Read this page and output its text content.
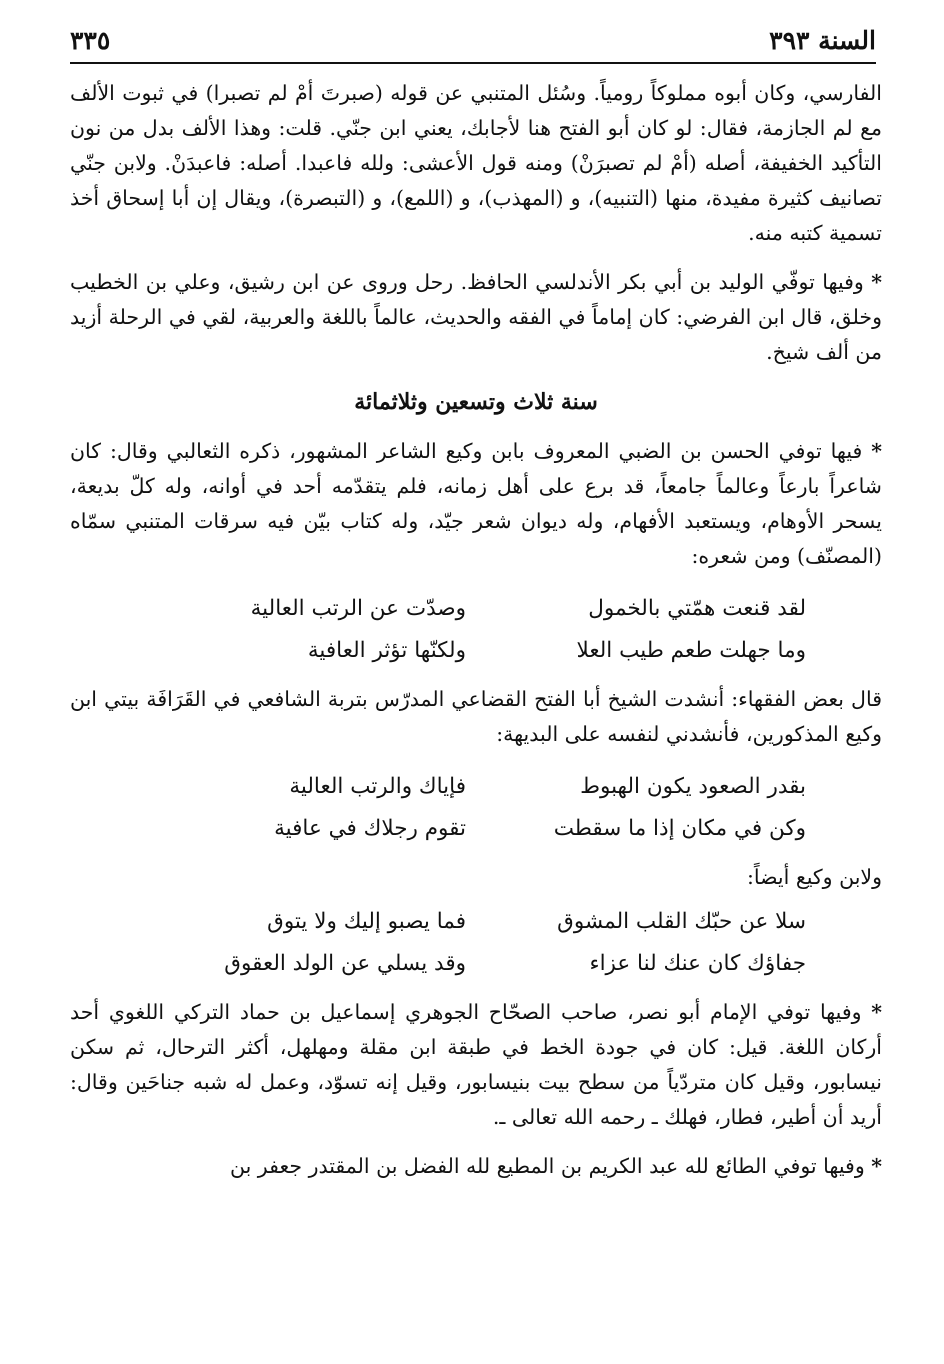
السنة ٣٩٣
٣٣٥

الفارسي، وكان أبوه مملوكاً رومياً. وسُئل المتنبي عن قوله (صبرتَ أمْ لم تصبرا) في ثبوت الألف مع لم الجازمة، فقال: لو كان أبو الفتح هنا لأجابك، يعني ابن جنّي. قلت: وهذا الألف بدل من نون التأكيد الخفيفة، أصله (أمْ لم تصبرَنْ) ومنه قول الأعشى: ولله فاعبدا. أصله: فاعبدَنْ. ولابن جنّي تصانيف كثيرة مفيدة، منها (التنبيه)، و (المهذب)، و (اللمع)، و (التبصرة)، ويقال إن أبا إسحاق أخذ تسمية كتبه منه.

* وفيها توفّي الوليد بن أبي بكر الأندلسي الحافظ. رحل وروى عن ابن رشيق، وعلي بن الخطيب وخلق، قال ابن الفرضي: كان إماماً في الفقه والحديث، عالماً باللغة والعربية، لقي في الرحلة أزيد من ألف شيخ.

سنة ثلاث وتسعين وثلاثمائة

* فيها توفي الحسن بن الضبي المعروف بابن وكيع الشاعر المشهور، ذكره الثعالبي وقال: كان شاعراً بارعاً وعالماً جامعاً، قد برع على أهل زمانه، فلم يتقدّمه أحد في أوانه، وله كلّ بديعة، يسحر الأوهام، ويستعبد الأفهام، وله ديوان شعر جيّد، وله كتاب بيّن فيه سرقات المتنبي سمّاه (المصنّف) ومن شعره:

لقد قنعت همّتي بالخمول
وصدّت عن الرتب العالية
وما جهلت طعم طيب العلا
ولكنّها تؤثر العافية

قال بعض الفقهاء: أنشدت الشيخ أبا الفتح القضاعي المدرّس بتربة الشافعي في القَرَافَة بيتي ابن وكيع المذكورين، فأنشدني لنفسه على البديهة:

بقدر الصعود يكون الهبوط
فإياك والرتب العالية
وكن في مكان إذا ما سقطت
تقوم رجلاك في عافية
ولابن وكيع أيضاً:
سلا عن حبّك القلب المشوق
فما يصبو إليك ولا يتوق
جفاؤك كان عنك لنا عزاء
وقد يسلي عن الولد العقوق

* وفيها توفي الإمام أبو نصر، صاحب الصحّاح الجوهري إسماعيل بن حماد التركي اللغوي أحد أركان اللغة. قيل: كان في جودة الخط في طبقة ابن مقلة ومهلهل، أكثر الترحال، ثم سكن نيسابور، وقيل كان متردّياً من سطح بيت بنيسابور، وقيل إنه تسوّد، وعمل له شبه جناحَين وقال: أريد أن أطير، فطار، فهلك ـ رحمه الله تعالى ـ.

* وفيها توفي الطائع لله عبد الكريم بن المطيع لله الفضل بن المقتدر جعفر بن
